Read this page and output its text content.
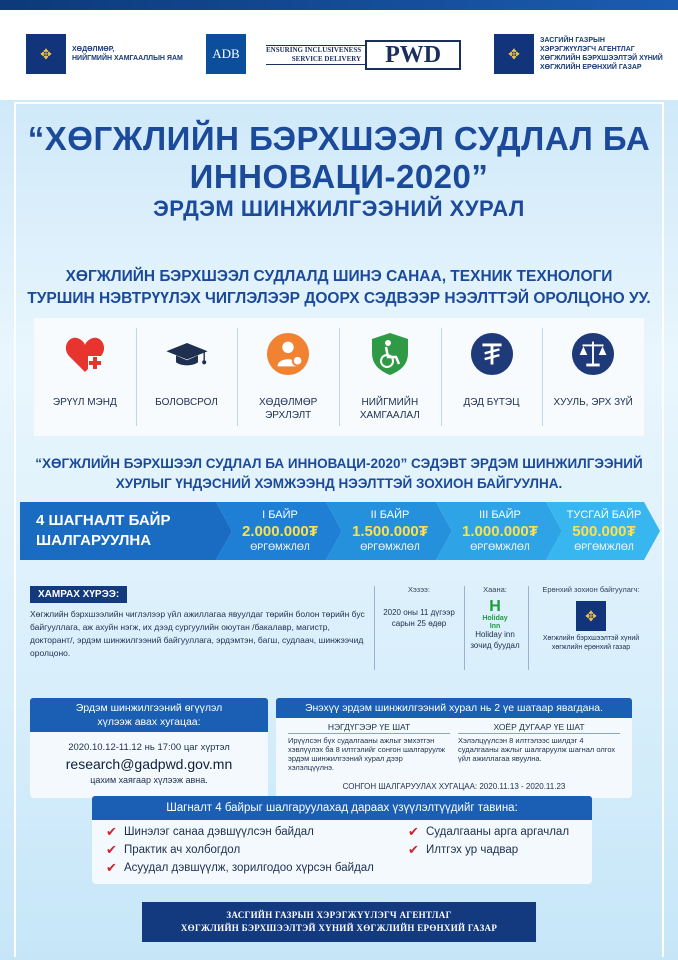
✥	ХӨДӨЛМӨР,
НИЙГМИЙН ХАМГААЛЛЫН ЯАМ	ADB	ENSURING INCLUSIVENESS
SERVICE DELIVERY	PWD	✥
ЗАСГИЙН ГАЗРЫН
ХЭРЭГЖҮҮЛЭГЧ АГЕНТЛАГ
ХӨГЖЛИЙН БЭРХШЭЭЛТЭЙ ХҮНИЙ
ХӨГЖЛИЙН ЕРӨНХИЙ ГАЗАР
“ХӨГЖЛИЙН БЭРХШЭЭЛ СУДЛАЛ БА
ИННОВАЦИ-2020”
ЭРДЭМ ШИНЖИЛГЭЭНИЙ ХУРАЛ
ХӨГЖЛИЙН БЭРХШЭЭЛ СУДЛАЛД ШИНЭ САНАА, ТЕХНИК ТЕХНОЛОГИ
ТУРШИН НЭВТРҮҮЛЭХ ЧИГЛЭЛЭЭР ДООРХ СЭДВЭЭР НЭЭЛТТЭЙ ОРОЛЦОНО УУ.
ЭРҮҮЛ МЭНД	БОЛОВСРОЛ	ХӨДӨЛМӨР
ЭРХЛЭЛТ
НИЙГМИЙН
ХАМГААЛАЛ
ДЭД БҮТЭЦ	ХУУЛЬ, ЭРХ ЗҮЙ
“ХӨГЖЛИЙН БЭРХШЭЭЛ СУДЛАЛ БА ИННОВАЦИ-2020” СЭДЭВТ ЭРДЭМ ШИНЖИЛГЭЭНИЙ
ХУРЛЫГ ҮНДЭСНИЙ ХЭМЖЭЭНД НЭЭЛТТЭЙ ЗОХИОН БАЙГУУЛНА.
4 ШАГНАЛТ БАЙР
ШАЛГАРУУЛНА
I БАЙР
2.000.000₮
ӨРГӨМЖЛӨЛ
II БАЙР
1.500.000₮
ӨРГӨМЖЛӨЛ
III БАЙР
1.000.000₮
ӨРГӨМЖЛӨЛ
ТУСГАЙ БАЙР
500.000₮
ӨРГӨМЖЛӨЛ
ХАМРАХ ХҮРЭЭ:
Хөгжлийн бэрхшээлийн чиглэлээр үйл ажиллагаа явуулдаг төрийн болон төрийн бус байгууллага, аж ахуйн нэгж, их дээд сургуулийн оюутан /бакалавр, магистр, докторант/, эрдэм шинжилгээний байгууллага, эрдэмтэн, багш, судлаач, шинжээчид оролцоно.
Хэзээ:
2020 оны 11 дүгээр
сарын 25 өдөр
Хаана:
H
Holiday Inn
Holiday inn
зочид буудал
Ерөнхий зохион байгуулагч:
✥
Хөгжлийн бэрхшээлтэй хүний
хөгжлийн ерөнхий газар
Эрдэм шинжилгээний өгүүлэл
хүлээж авах хугацаа:
2020.10.12-11.12 нь 17:00 цаг хүртэл
research@gadpwd.gov.mn
цахим хаягаар хүлээж авна.
Энэхүү эрдэм шинжилгээний хурал нь 2 үе шатаар явагдана.
НЭГДҮГЭЭР ҮЕ ШАТ
Ирүүлсэн бүх судалгааны ажлыг эмхэтгэн хэвлүүлэх ба 8 илтгэлийг сонгон шалгаруулж эрдэм шинжилгээний хурал дээр хэлэлцүүлнэ.
ХОЁР ДУГААР ҮЕ ШАТ
Хэлэлцүүлсэн 8 илтгэлээс шилдэг 4 судалгааны ажлыг шалгаруулж шагнал олгох үйл ажиллагаа явуулна.
СОНГОН ШАЛГАРУУЛАХ ХУГАЦАА: 2020.11.13 - 2020.11.23
Шагналт 4 байрыг шалгаруулахад дараах үзүүлэлтүүдийг тавина:
✔ Шинэлэг санаа дэвшүүлсэн байдал
✔ Практик ач холбогдол
✔ Асуудал дэвшүүлж, зорилгодоо хүрсэн байдал
✔ Судалгааны арга аргачлал
✔ Илтгэх ур чадвар
ЗАСГИЙН ГАЗРЫН ХЭРЭГЖҮҮЛЭГЧ АГЕНТЛАГ
ХӨГЖЛИЙН БЭРХШЭЭЛТЭЙ ХҮНИЙ ХӨГЖЛИЙН ЕРӨНХИЙ ГАЗАР
